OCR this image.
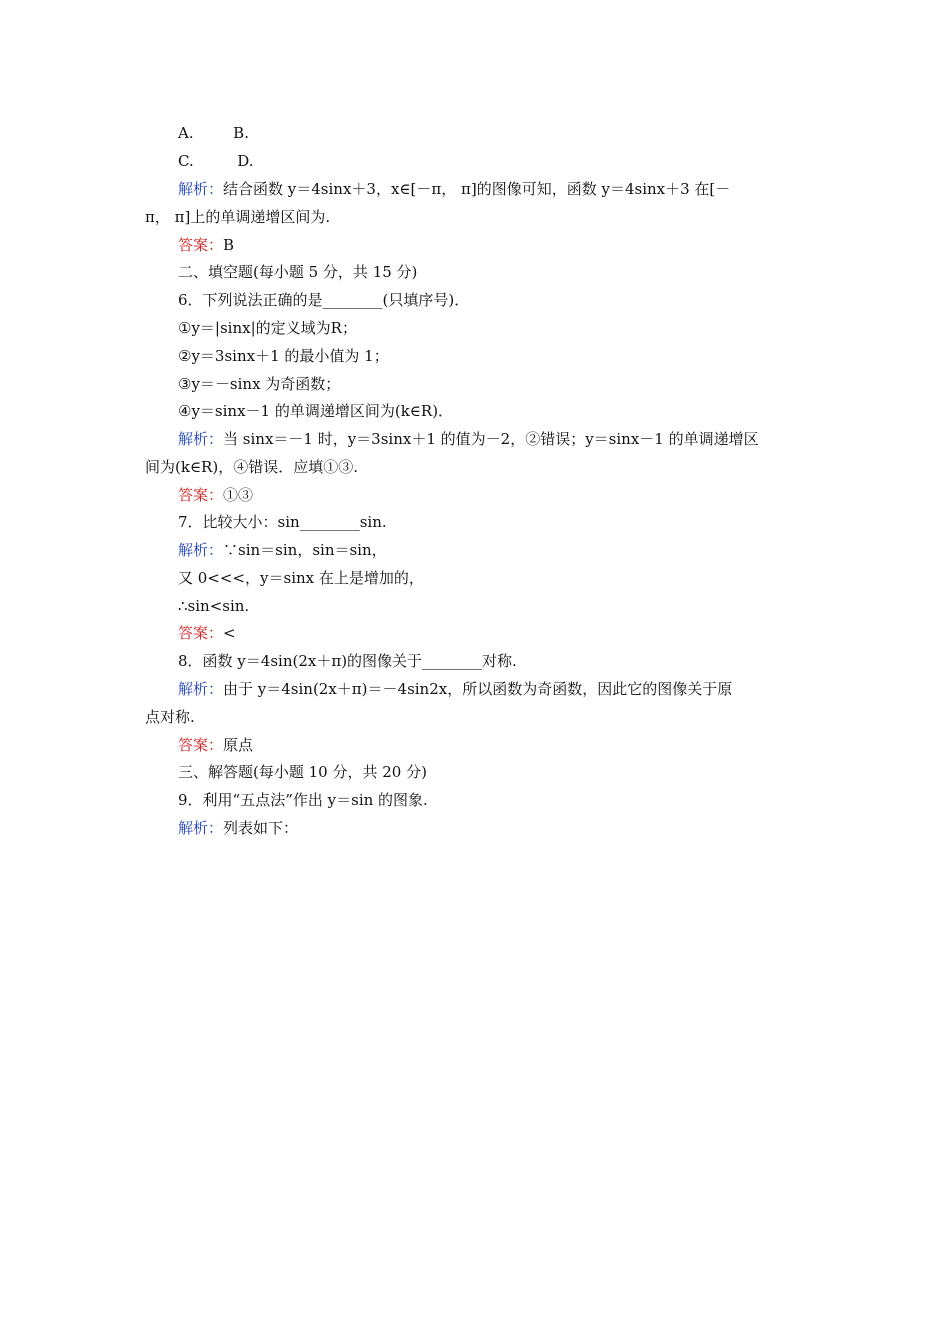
A.	B.
C.	D.
解析：结合函数 y＝4sinx＋3，x∈[－π， π]的图像可知，函数 y＝4sinx＋3 在[－
π， π]上的单调递增区间为.
答案：B
二、填空题(每小题 5 分，共 15 分)
6．下列说法正确的是________(只填序号)．
①y＝|sinx|的定义域为R；
②y＝3sinx＋1 的最小值为 1；
③y＝－sinx 为奇函数；
④y＝sinx－1 的单调递增区间为(k∈R)．
解析：当 sinx＝－1 时，y＝3sinx＋1 的值为－2，②错误；y＝sinx－1 的单调递增区
间为(k∈R)，④错误．应填①③.
答案：①③
7．比较大小：sin________sin.
解析：∵sin＝sin，sin＝sin，
又 0<<<，y＝sinx 在上是增加的，
∴sin<sin.
答案：<
8．函数 y＝4sin(2x＋π)的图像关于________对称.
解析：由于 y＝4sin(2x＋π)＝－4sin2x，所以函数为奇函数，因此它的图像关于原
点对称.
答案：原点
三、解答题(每小题 10 分，共 20 分)
9．利用“五点法”作出 y＝sin 的图象.
解析：列表如下：
